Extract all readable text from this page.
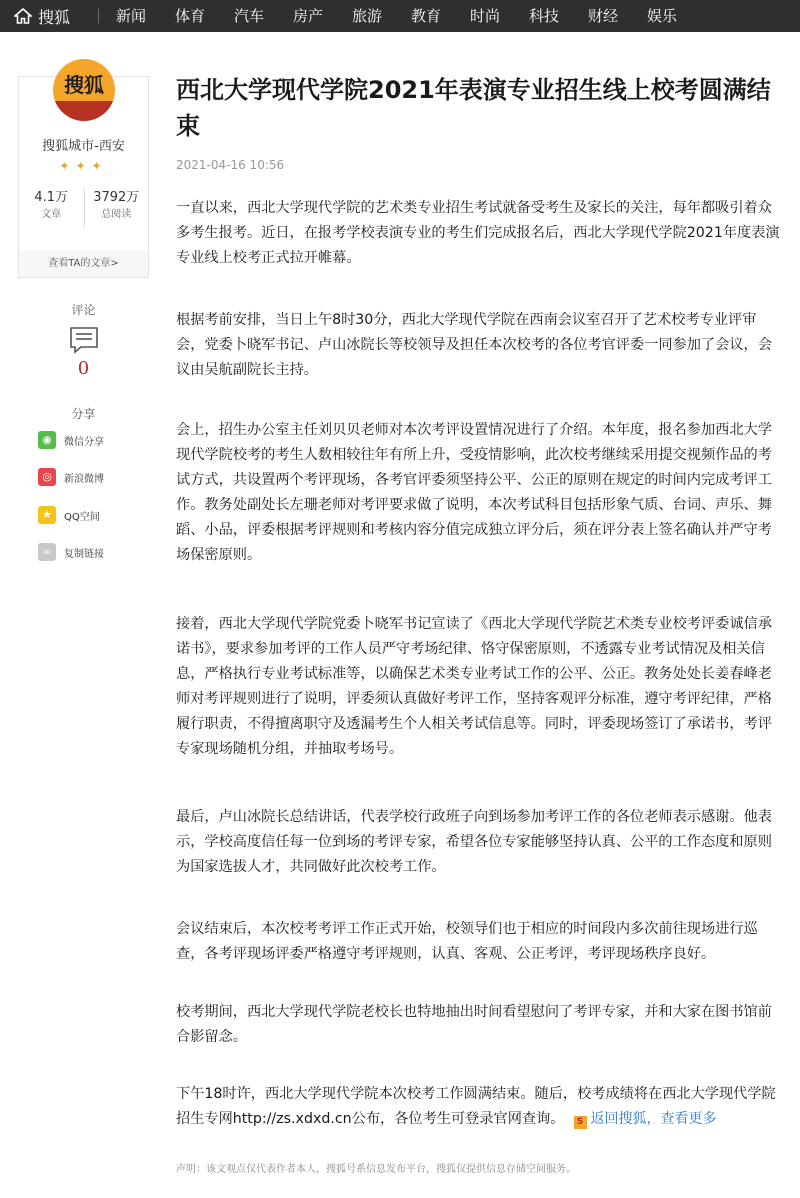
搜狐	新闻	体育	汽车	房产	旅游	教育	时尚	科技	财经	娱乐
搜狐
搜狐城市-西安
✦✦✦
4.1万
文章
3792万
总阅读
查看TA的文章>
评论
0
分享
◉	微信分享
◎	新浪微博
★	QQ空间
∞	复制链接
西北大学现代学院2021年表演专业招生线上校考圆满结束
2021-04-16 10:56

一直以来，西北大学现代学院的艺术类专业招生考试就备受考生及家长的关注，每年都吸引着众多考生报考。近日，在报考学校表演专业的考生们完成报名后，西北大学现代学院2021年度表演专业线上校考正式拉开帷幕。

根据考前安排，当日上午8时30分，西北大学现代学院在西南会议室召开了艺术校考专业评审会，党委卜晓军书记、卢山冰院长等校领导及担任本次校考的各位考官评委一同参加了会议，会议由吴航副院长主持。

会上，招生办公室主任刘贝贝老师对本次考评设置情况进行了介绍。本年度，报名参加西北大学现代学院校考的考生人数相较往年有所上升，受疫情影响，此次校考继续采用提交视频作品的考试方式，共设置两个考评现场，各考官评委须坚持公平、公正的原则在规定的时间内完成考评工作。教务处副处长左珊老师对考评要求做了说明，本次考试科目包括形象气质、台词、声乐、舞蹈、小品，评委根据考评规则和考核内容分值完成独立评分后，须在评分表上签名确认并严守考场保密原则。

接着，西北大学现代学院党委卜晓军书记宣读了《西北大学现代学院艺术类专业校考评委诚信承诺书》，要求参加考评的工作人员严守考场纪律、恪守保密原则，不透露专业考试情况及相关信息，严格执行专业考试标准等，以确保艺术类专业考试工作的公平、公正。教务处处长姜春峰老师对考评规则进行了说明，评委须认真做好考评工作，坚持客观评分标准，遵守考评纪律，严格履行职责，不得擅离职守及透漏考生个人相关考试信息等。同时，评委现场签订了承诺书，考评专家现场随机分组，并抽取考场号。

最后，卢山冰院长总结讲话，代表学校行政班子向到场参加考评工作的各位老师表示感谢。他表示，学校高度信任每一位到场的考评专家，希望各位专家能够坚持认真、公平的工作态度和原则为国家选拔人才，共同做好此次校考工作。

会议结束后，本次校考考评工作正式开始，校领导们也于相应的时间段内多次前往现场进行巡查，各考评现场评委严格遵守考评规则，认真、客观、公正考评，考评现场秩序良好。

校考期间，西北大学现代学院老校长也特地抽出时间看望慰问了考评专家，并和大家在图书馆前合影留念。

下午18时许，西北大学现代学院本次校考工作圆满结束。随后，校考成绩将在西北大学现代学院招生专网http://zs.xdxd.cn公布，各位考生可登录官网查询。 S 返回搜狐，查看更多

声明：该文观点仅代表作者本人，搜狐号系信息发布平台，搜狐仅提供信息存储空间服务。
